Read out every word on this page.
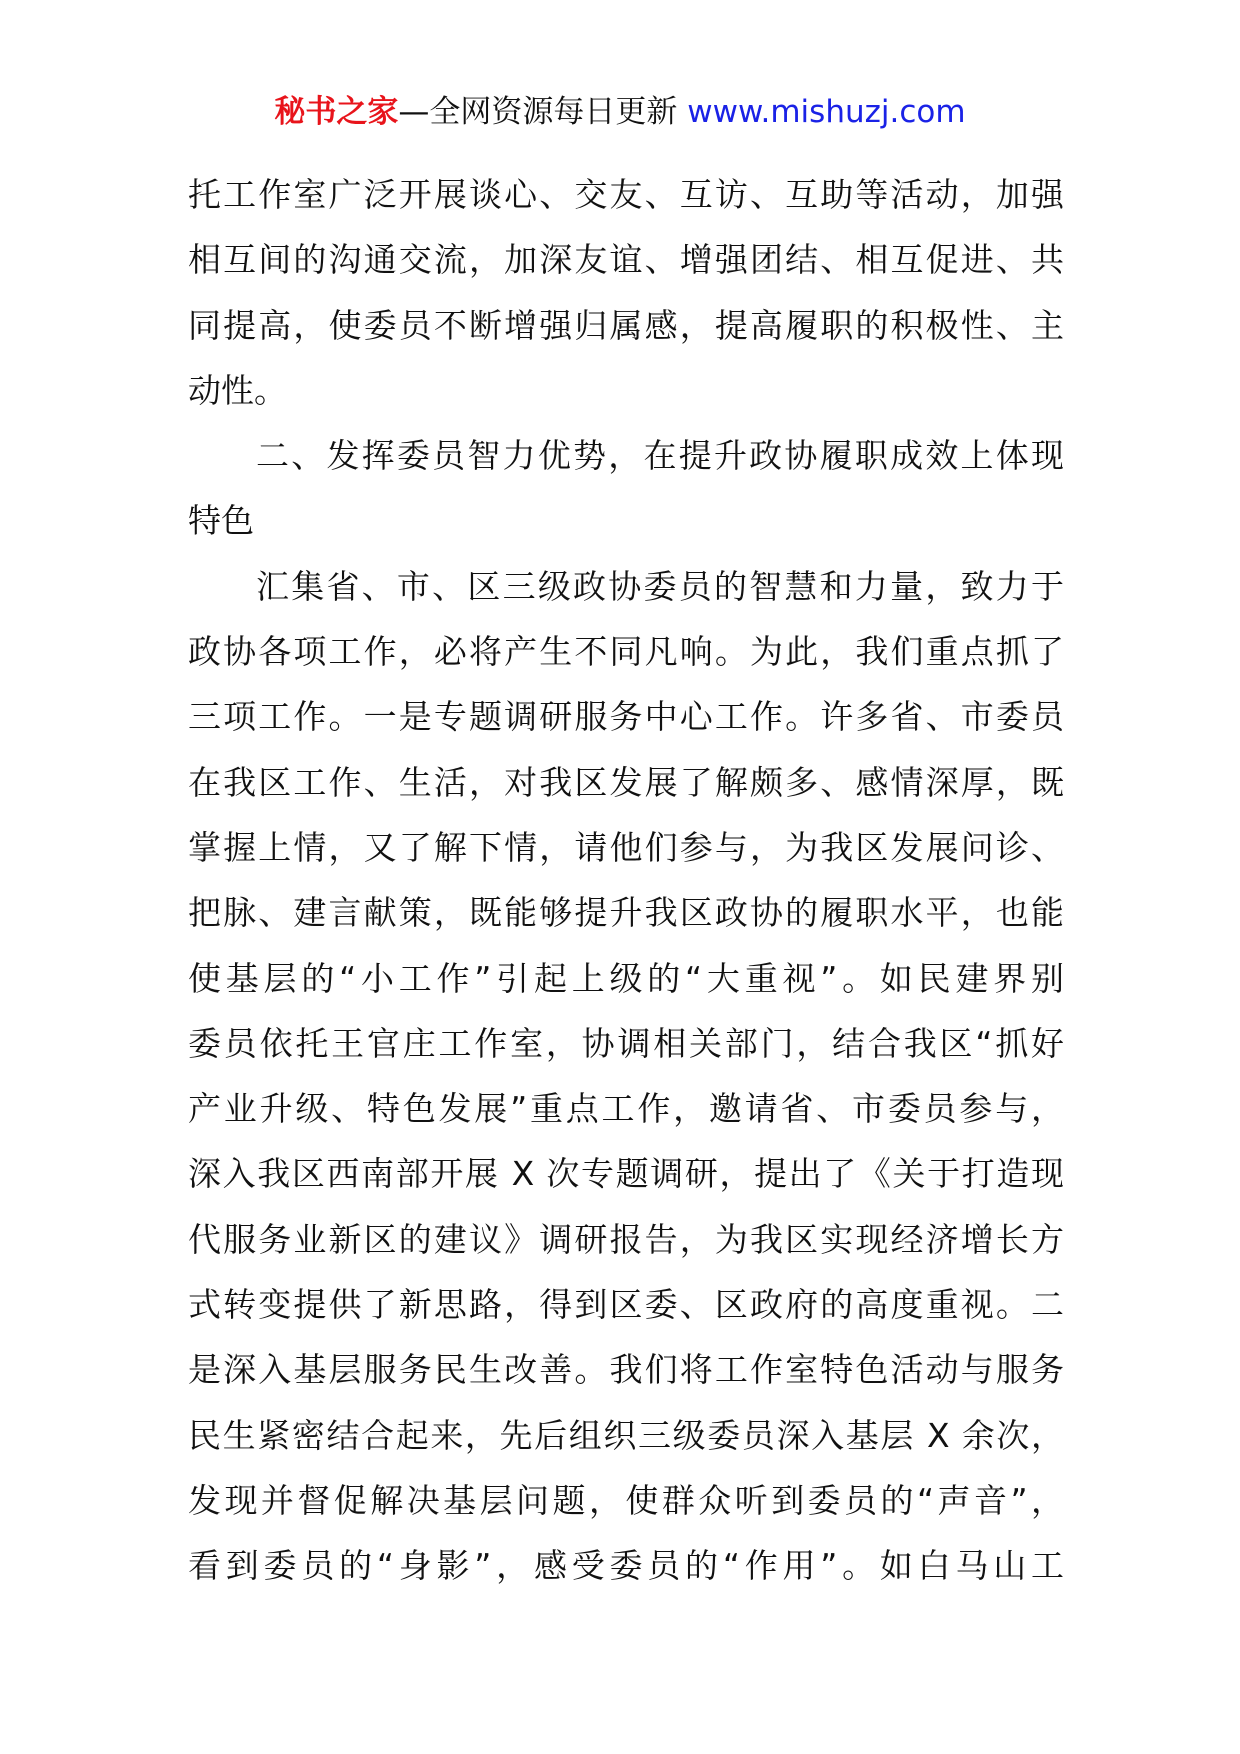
秘书之家—全网资源每日更新 www.mishuzj.com
托工作室广泛开展谈心、交友、互访、互助等活动，加强
相互间的沟通交流，加深友谊、增强团结、相互促进、共
同提高，使委员不断增强归属感，提高履职的积极性、主
动性。
二、发挥委员智力优势，在提升政协履职成效上体现
特色
汇集省、市、区三级政协委员的智慧和力量，致力于
政协各项工作，必将产生不同凡响。为此，我们重点抓了
三项工作。一是专题调研服务中心工作。许多省、市委员
在我区工作、生活，对我区发展了解颇多、感情深厚，既
掌握上情，又了解下情，请他们参与，为我区发展问诊、
把脉、建言献策，既能够提升我区政协的履职水平，也能
使基层的“小工作”引起上级的“大重视”。如民建界别
委员依托王官庄工作室，协调相关部门，结合我区“抓好
产业升级、特色发展”重点工作，邀请省、市委员参与，
深入我区西南部开展 X 次专题调研，提出了《关于打造现
代服务业新区的建议》调研报告，为我区实现经济增长方
式转变提供了新思路，得到区委、区政府的高度重视。二
是深入基层服务民生改善。我们将工作室特色活动与服务
民生紧密结合起来，先后组织三级委员深入基层 X 余次，
发现并督促解决基层问题，使群众听到委员的“声音”，
看到委员的“身影”，感受委员的“作用”。如白马山工
